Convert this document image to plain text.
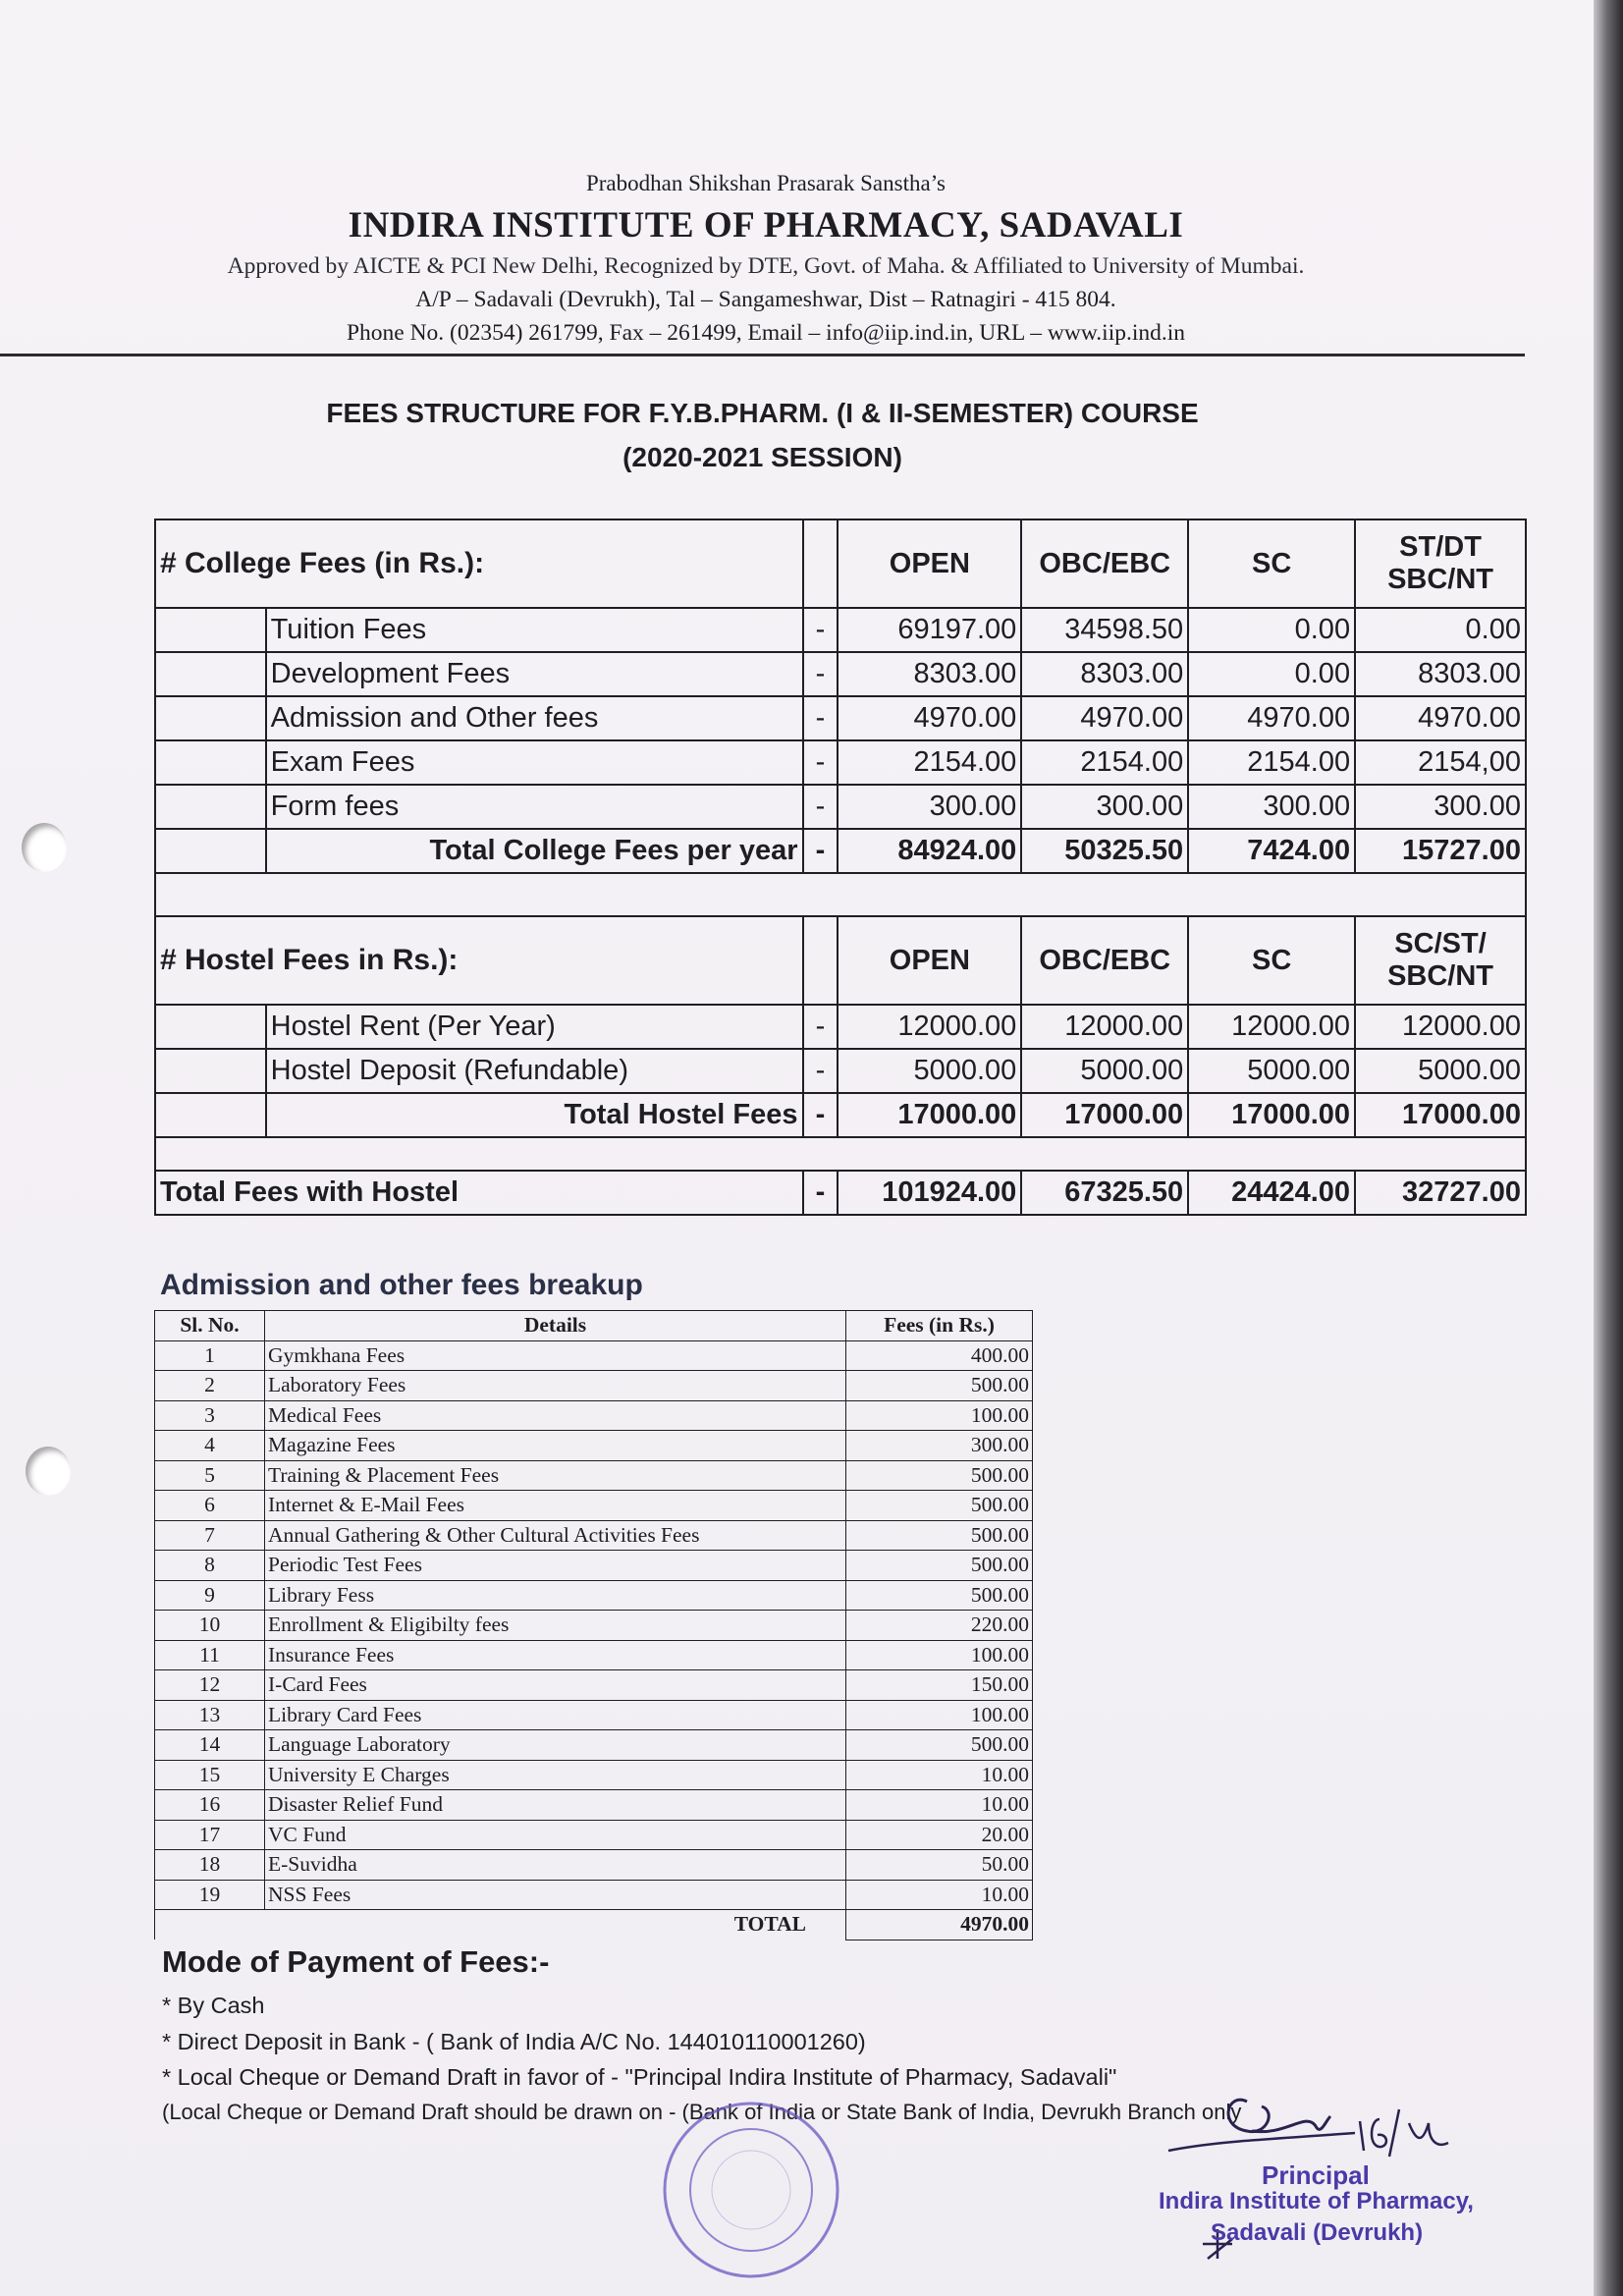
Prabodhan Shikshan Prasarak Sanstha’s
INDIRA INSTITUTE OF PHARMACY, SADAVALI
Approved by AICTE & PCI New Delhi, Recognized by DTE, Govt. of Maha. & Affiliated to University of Mumbai.
A/P – Sadavali (Devrukh), Tal – Sangameshwar, Dist – Ratnagiri - 415 804.
Phone No. (02354) 261799, Fax – 261499, Email – info@iip.ind.in, URL – www.iip.ind.in
FEES STRUCTURE FOR F.Y.B.PHARM. (I & II-SEMESTER) COURSE
(2020-2021 SESSION)
# College Fees (in Rs.):			OPEN	OBC/EBC	SC	ST/DT
SBC/NT
	Tuition Fees	-	69197.00	34598.50	0.00	0.00
	Development Fees	-	8303.00	8303.00	0.00	8303.00
	Admission and Other fees	-	4970.00	4970.00	4970.00	4970.00
	Exam Fees	-	2154.00	2154.00	2154.00	2154,00
	Form fees	-	300.00	300.00	300.00	300.00
	Total College Fees per year	-	84924.00	50325.50	7424.00	15727.00

# Hostel Fees in Rs.):			OPEN	OBC/EBC	SC	SC/ST/
SBC/NT
	Hostel Rent (Per Year)	-	12000.00	12000.00	12000.00	12000.00
	Hostel Deposit (Refundable)	-	5000.00	5000.00	5000.00	5000.00
	Total Hostel Fees	-	17000.00	17000.00	17000.00	17000.00

Total Fees with Hostel		-	101924.00	67325.50	24424.00	32727.00
Admission and other fees breakup
Sl. No.	Details	Fees (in Rs.)
1	Gymkhana Fees	400.00
2	Laboratory Fees	500.00
3	Medical Fees	100.00
4	Magazine Fees	300.00
5	Training & Placement Fees	500.00
6	Internet & E-Mail Fees	500.00
7	Annual Gathering & Other Cultural Activities Fees	500.00
8	Periodic Test Fees	500.00
9	Library Fess	500.00
10	Enrollment & Eligibilty fees	220.00
11	Insurance Fees	100.00
12	I-Card Fees	150.00
13	Library Card Fees	100.00
14	Language Laboratory	500.00
15	University E Charges	10.00
16	Disaster Relief Fund	10.00
17	VC Fund	20.00
18	E-Suvidha	50.00
19	NSS Fees	10.00
	TOTAL	4970.00
Mode of Payment of Fees:-
* By Cash
* Direct Deposit in Bank - ( Bank of India A/C No. 144010110001260)
* Local Cheque or Demand Draft in favor of - "Principal Indira Institute of Pharmacy, Sadavali"
(Local Cheque or Demand Draft should be drawn on - (Bank of India or State Bank of India, Devrukh Branch only
Principal
Indira Institute of Pharmacy,
Sadavali (Devrukh)
